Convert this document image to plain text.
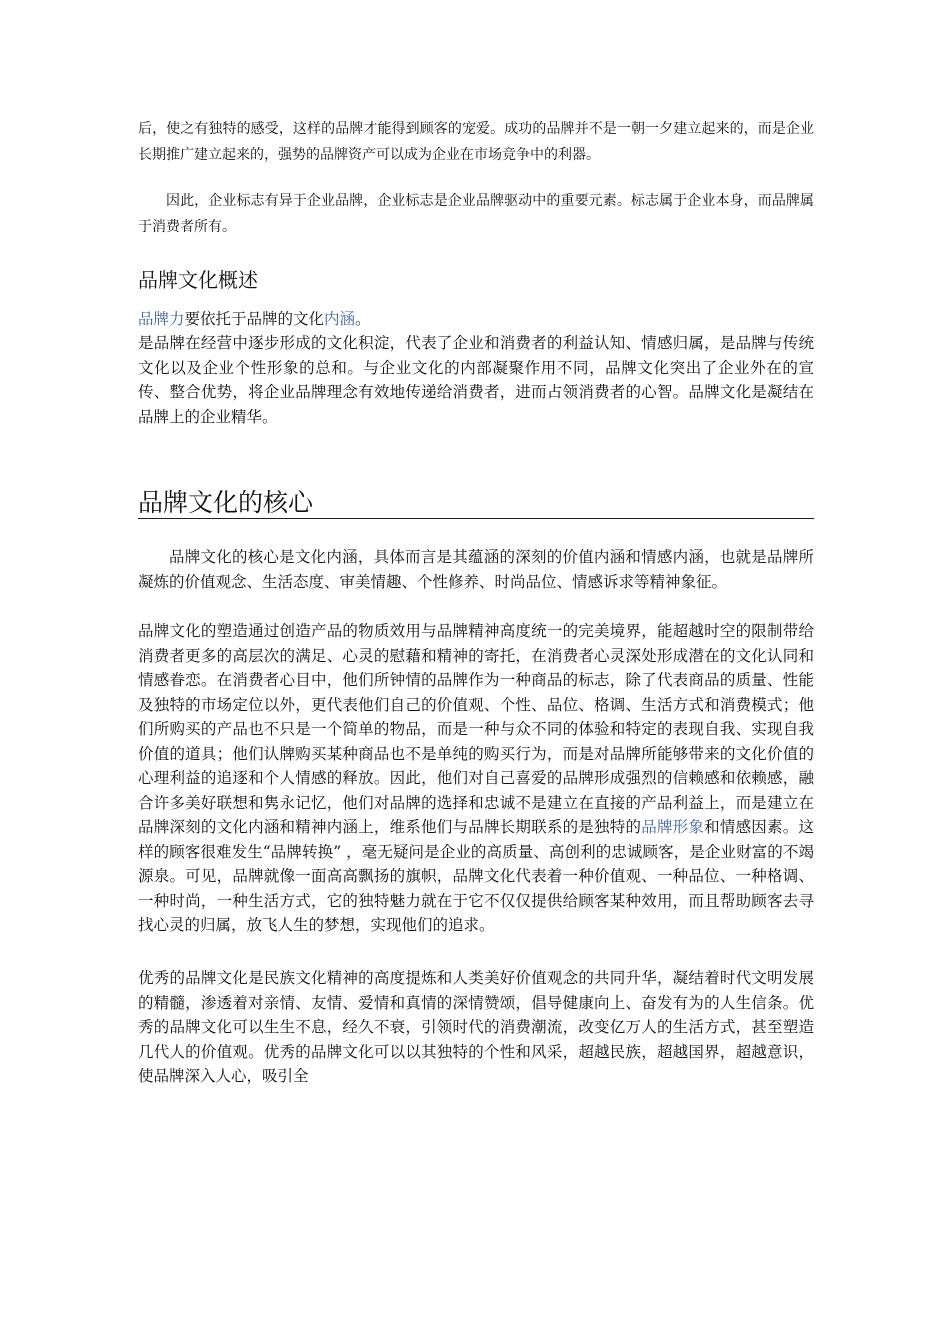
后，使之有独特的感受，这样的品牌才能得到顾客的宠爱。成功的品牌并不是一朝一夕建立起来的，而是企业长期推广建立起来的，强势的品牌资产可以成为企业在市场竞争中的利器。

因此，企业标志有异于企业品牌，企业标志是企业品牌驱动中的重要元素。标志属于企业本身，而品牌属于消费者所有。

品牌文化概述

品牌力要依托于品牌的文化内涵。

是品牌在经营中逐步形成的文化积淀，代表了企业和消费者的利益认知、情感归属，是品牌与传统文化以及企业个性形象的总和。与企业文化的内部凝聚作用不同，品牌文化突出了企业外在的宣传、整合优势，将企业品牌理念有效地传递给消费者，进而占领消费者的心智。品牌文化是凝结在品牌上的企业精华。

品牌文化的核心

品牌文化的核心是文化内涵，具体而言是其蕴涵的深刻的价值内涵和情感内涵，也就是品牌所凝炼的价值观念、生活态度、审美情趣、个性修养、时尚品位、情感诉求等精神象征。

品牌文化的塑造通过创造产品的物质效用与品牌精神高度统一的完美境界，能超越时空的限制带给消费者更多的高层次的满足、心灵的慰藉和精神的寄托，在消费者心灵深处形成潜在的文化认同和情感眷恋。在消费者心目中，他们所钟情的品牌作为一种商品的标志，除了代表商品的质量、性能及独特的市场定位以外，更代表他们自己的价值观、个性、品位、格调、生活方式和消费模式；他们所购买的产品也不只是一个简单的物品，而是一种与众不同的体验和特定的表现自我、实现自我价值的道具；他们认牌购买某种商品也不是单纯的购买行为，而是对品牌所能够带来的文化价值的心理利益的追逐和个人情感的释放。因此，他们对自己喜爱的品牌形成强烈的信赖感和依赖感，融合许多美好联想和隽永记忆，他们对品牌的选择和忠诚不是建立在直接的产品利益上，而是建立在品牌深刻的文化内涵和精神内涵上，维系他们与品牌长期联系的是独特的品牌形象和情感因素。这样的顾客很难发生“品牌转换” ，毫无疑问是企业的高质量、高创利的忠诚顾客，是企业财富的不竭源泉。可见，品牌就像一面高高飘扬的旗帜，品牌文化代表着一种价值观、一种品位、一种格调、一种时尚，一种生活方式，它的独特魅力就在于它不仅仅提供给顾客某种效用，而且帮助顾客去寻找心灵的归属，放飞人生的梦想，实现他们的追求。

优秀的品牌文化是民族文化精神的高度提炼和人类美好价值观念的共同升华，凝结着时代文明发展的精髓，渗透着对亲情、友情、爱情和真情的深情赞颂，倡导健康向上、奋发有为的人生信条。优秀的品牌文化可以生生不息，经久不衰，引领时代的消费潮流，改变亿万人的生活方式，甚至塑造几代人的价值观。优秀的品牌文化可以以其独特的个性和风采，超越民族，超越国界，超越意识，使品牌深入人心，吸引全
